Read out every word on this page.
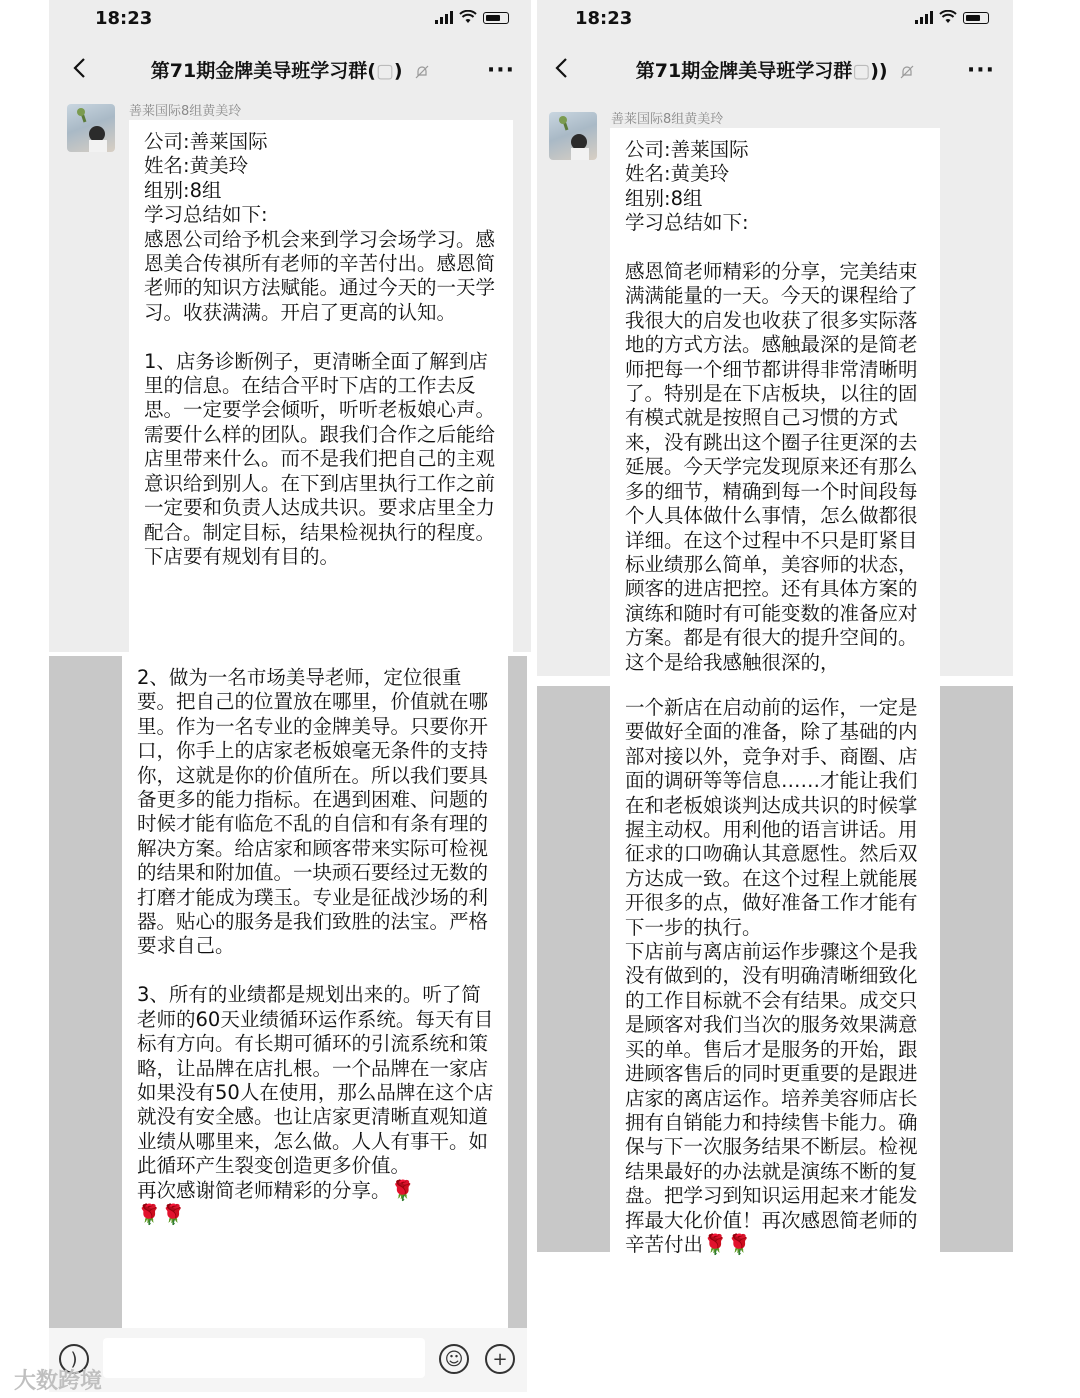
18:23
第71期金牌美导班学习群(▢)	···
善莱国际8组黄美玲
公司:善莱国际
姓名:黄美玲
组别:8组
学习总结如下:
感恩公司给予机会来到学习会场学习。感恩美合传祺所有老师的辛苦付出。感恩简老师的知识方法赋能。通过今天的一天学习。收获满满。开启了更高的认知。

1、店务诊断例子，更清晰全面了解到店里的信息。在结合平时下店的工作去反思。一定要学会倾听，听听老板娘心声。需要什么样的团队。跟我们合作之后能给店里带来什么。而不是我们把自己的主观意识给到别人。在下到店里执行工作之前一定要和负责人达成共识。要求店里全力配合。制定目标，结果检视执行的程度。
下店要有规划有目的。
2、做为一名市场美导老师，定位很重要。把自己的位置放在哪里，价值就在哪里。作为一名专业的金牌美导。只要你开口，你手上的店家老板娘毫无条件的支持你，这就是你的价值所在。所以我们要具备更多的能力指标。在遇到困难、问题的时候才能有临危不乱的自信和有条有理的解决方案。给店家和顾客带来实际可检视的结果和附加值。一块顽石要经过无数的打磨才能成为璞玉。专业是征战沙场的利器。贴心的服务是我们致胜的法宝。严格要求自己。

3、所有的业绩都是规划出来的。听了简老师的60天业绩循环运作系统。每天有目标有方向。有长期可循环的引流系统和策略，让品牌在店扎根。一个品牌在一家店如果没有50人在使用，那么品牌在这个店就没有安全感。也让店家更清晰直观知道业绩从哪里来，怎么做。人人有事干。如此循环产生裂变创造更多价值。
再次感谢简老师精彩的分享。🌹
🌹🌹
)	☺	+
18:23
第71期金牌美导班学习群▢))	···
善莱国际8组黄美玲
公司:善莱国际
姓名:黄美玲
组别:8组
学习总结如下:

感恩简老师精彩的分享，完美结束满满能量的一天。今天的课程给了我很大的启发也收获了很多实际落地的方式方法。感触最深的是简老师把每一个细节都讲得非常清晰明了。特别是在下店板块，以往的固有模式就是按照自己习惯的方式来，没有跳出这个圈子往更深的去延展。今天学完发现原来还有那么多的细节，精确到每一个时间段每个人具体做什么事情，怎么做都很详细。在这个过程中不只是盯紧目标业绩那么简单，美容师的状态，顾客的进店把控。还有具体方案的演练和随时有可能变数的准备应对方案。都是有很大的提升空间的。
这个是给我感触很深的，
一个新店在启动前的运作，一定是要做好全面的准备，除了基础的内部对接以外，竞争对手、商圈、店面的调研等等信息……才能让我们在和老板娘谈判达成共识的时候掌握主动权。用利他的语言讲话。用征求的口吻确认其意愿性。然后双方达成一致。在这个过程上就能展开很多的点，做好准备工作才能有下一步的执行。
下店前与离店前运作步骤这个是我没有做到的，没有明确清晰细致化的工作目标就不会有结果。成交只是顾客对我们当次的服务效果满意买的单。售后才是服务的开始，跟进顾客售后的同时更重要的是跟进店家的离店运作。培养美容师店长拥有自销能力和持续售卡能力。确保与下一次服务结果不断层。检视结果最好的办法就是演练不断的复盘。把学习到知识运用起来才能发挥最大化价值！再次感恩简老师的辛苦付出🌹🌹
大数跨境
